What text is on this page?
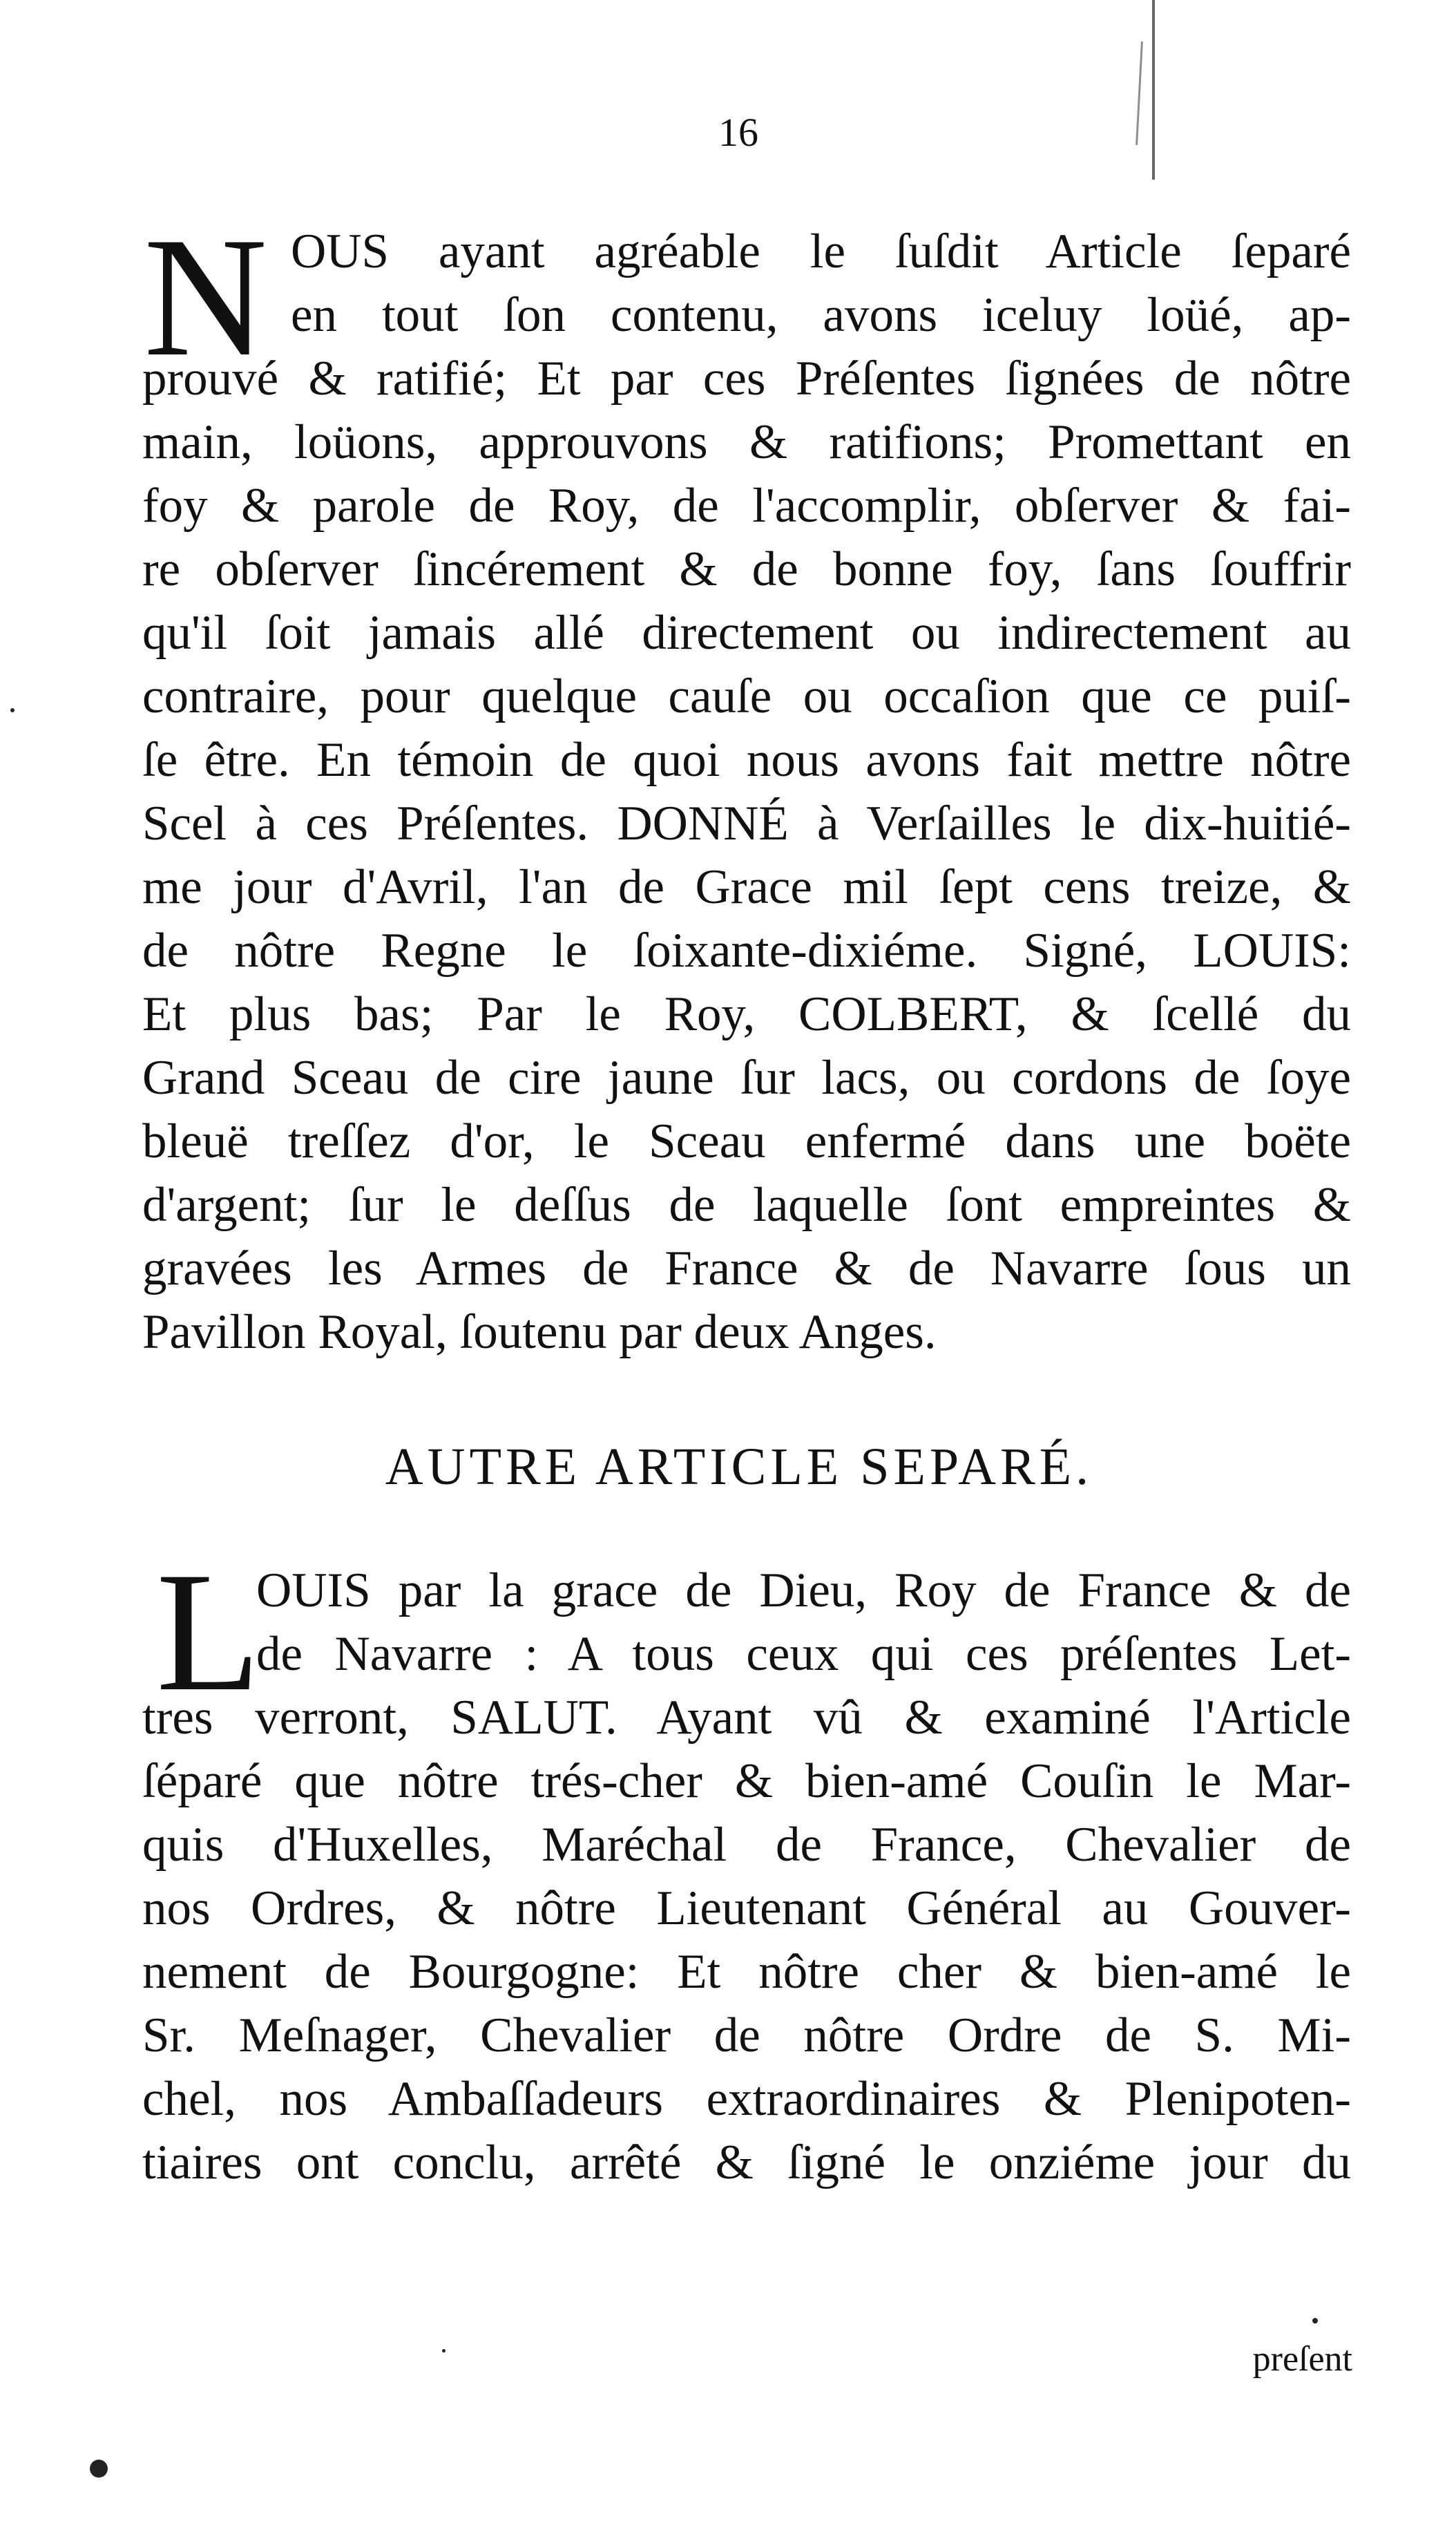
16
N OUS ayant agréable le ſuſdit Article ſeparé
en tout ſon contenu, avons iceluy loüé, ap-
prouvé & ratifié; Et par ces Préſentes ſignées de nôtre
main, loüons, approuvons & ratifions; Promettant en
foy & parole de Roy, de l'accomplir, obſerver & fai-
re obſerver ſincérement & de bonne foy, ſans ſouffrir
qu'il ſoit jamais allé directement ou indirectement au
contraire, pour quelque cauſe ou occaſion que ce puiſ-
ſe être. En témoin de quoi nous avons fait mettre nôtre
Scel à ces Préſentes. DONNÉ à Verſailles le dix-huitié-
me jour d'Avril, l'an de Grace mil ſept cens treize, &
de nôtre Regne le ſoixante-dixiéme. Signé, LOUIS:
Et plus bas; Par le Roy, COLBERT, & ſcellé du
Grand Sceau de cire jaune ſur lacs, ou cordons de ſoye
bleuë treſſez d'or, le Sceau enfermé dans une boëte
d'argent; ſur le deſſus de laquelle ſont empreintes &
gravées les Armes de France & de Navarre ſous un
Pavillon Royal, ſoutenu par deux Anges.
AUTRE ARTICLE SEPARÉ.
L
OUIS par la grace de Dieu, Roy de France & de
de Navarre : A tous ceux qui ces préſentes Let-
tres verront, SALUT. Ayant vû & examiné l'Article
ſéparé que nôtre trés-cher & bien-amé Couſin le Mar-
quis d'Huxelles, Maréchal de France, Chevalier de
nos Ordres, & nôtre Lieutenant Général au Gouver-
nement de Bourgogne: Et nôtre cher & bien-amé le
Sr. Meſnager, Chevalier de nôtre Ordre de S. Mi-
chel, nos Ambaſſadeurs extraordinaires & Plenipoten-
tiaires ont conclu, arrêté & ſigné le onziéme jour du
preſent
